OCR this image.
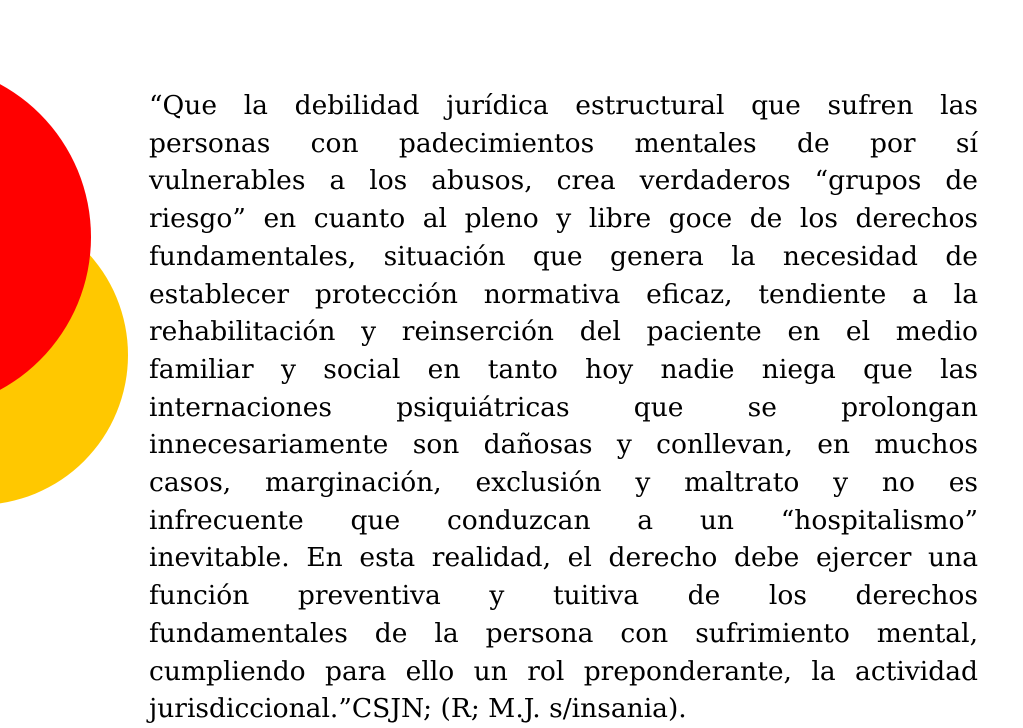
“Que la debilidad jurídica estructural que sufren las
personas con padecimientos mentales de por sí
vulnerables a los abusos, crea verdaderos “grupos de
riesgo” en cuanto al pleno y libre goce de los derechos
fundamentales, situación que genera la necesidad de
establecer protección normativa eficaz, tendiente a la
rehabilitación y reinserción del paciente en el medio
familiar y social en tanto hoy nadie niega que las
internaciones psiquiátricas que se prolongan
innecesariamente son dañosas y conllevan, en muchos
casos, marginación, exclusión y maltrato y no es
infrecuente que conduzcan a un “hospitalismo”
inevitable. En esta realidad, el derecho debe ejercer una
función preventiva y tuitiva de los derechos
fundamentales de la persona con sufrimiento mental,
cumpliendo para ello un rol preponderante, la actividad
jurisdiccional.”CSJN; (R; M.J. s/insania).
